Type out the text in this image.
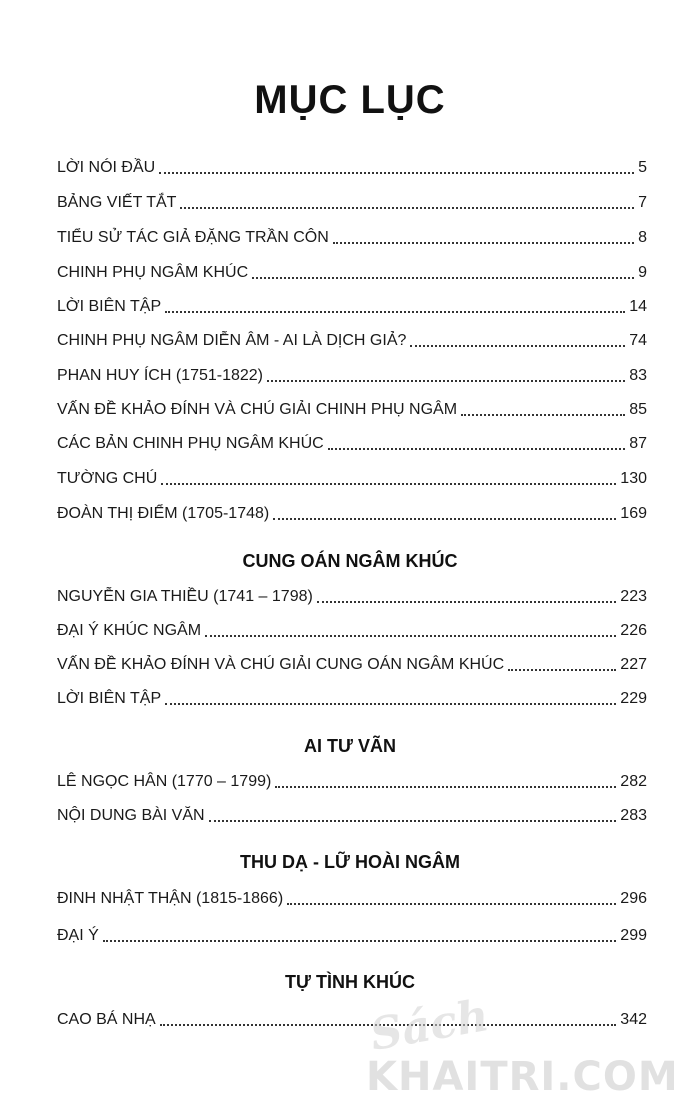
MỤC LỤC
LỜI NÓI ĐẦU	5
BẢNG VIẾT TẮT	7
TIỂU SỬ TÁC GIẢ ĐẶNG TRẦN CÔN	8
CHINH PHỤ NGÂM KHÚC	9
LỜI BIÊN TẬP	14
CHINH PHỤ NGÂM DIỄN ÂM - AI LÀ DỊCH GIẢ?	74
PHAN HUY ÍCH (1751-1822)	83
VẤN ĐỀ KHẢO ĐÍNH VÀ CHÚ GIẢI CHINH PHỤ NGÂM	85
CÁC BẢN CHINH PHỤ NGÂM KHÚC	87
TƯỜNG CHÚ	130
ĐOÀN THỊ ĐIỂM (1705-1748)	169
CUNG OÁN NGÂM KHÚC
NGUYỄN GIA THIỀU (1741 – 1798)	223
ĐẠI Ý KHÚC NGÂM	226
VẤN ĐỀ KHẢO ĐÍNH VÀ CHÚ GIẢI CUNG OÁN NGÂM KHÚC	227
LỜI BIÊN TẬP	229
AI TƯ VÃN
LÊ NGỌC HÂN (1770 – 1799)	282
NỘI DUNG BÀI VĂN	283
THU DẠ - LỮ HOÀI NGÂM
ĐINH NHẬT THẬN (1815-1866)	296
ĐẠI Ý	299
TỰ TÌNH KHÚC
CAO BÁ NHẠ	342
Sách
KHAITRI.COM
